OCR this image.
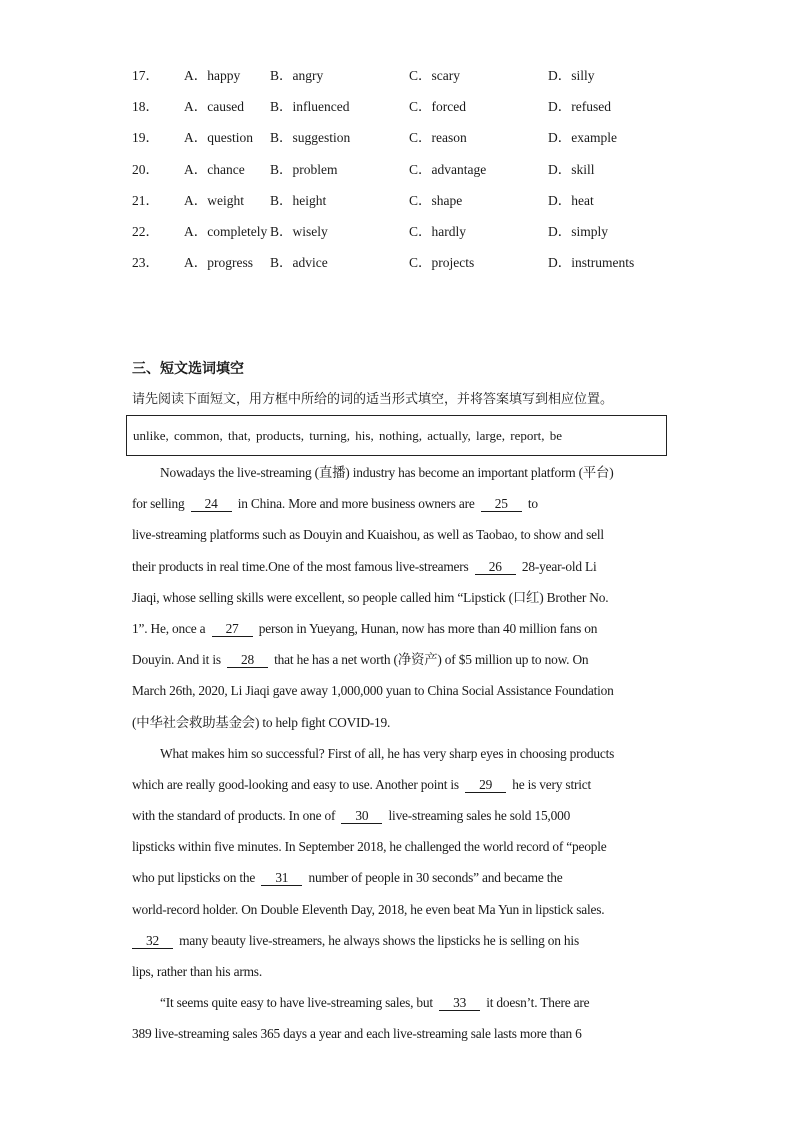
17． A．happy B．angry	C．scary	D．silly
18． A．caused B．influenced	C．forced	D．refused
19． A．question B．suggestion	C．reason	D．example
20． A．chance B．problem	C．advantage	D．skill
21． A．weight B．height	C．shape	D．heat
22． A．completely B．wisely	C．hardly	D．simply
23． A．progress B．advice	C．projects	D．instruments
三、短文选词填空
请先阅读下面短文，用方框中所给的词的适当形式填空，并将答案填写到相应位置。
unlike, common, that, products, turning, his, nothing, actually, large, report, be
Nowadays the live-streaming (直播) industry has become an important platform (平台)
for selling 24 in China. More and more business owners are 25 to
live-streaming platforms such as Douyin and Kuaishou, as well as Taobao, to show and sell
their products in real time.One of the most famous live-streamers 26 28-year-old Li
Jiaqi, whose selling skills were excellent, so people called him “Lipstick (口红) Brother No.
1”. He, once a 27 person in Yueyang, Hunan, now has more than 40 million fans on
Douyin. And it is 28 that he has a net worth (净资产) of $5 million up to now. On
March 26th, 2020, Li Jiaqi gave away 1,000,000 yuan to China Social Assistance Foundation
(中华社会救助基金会) to help fight COVID-19.
What makes him so successful? First of all, he has very sharp eyes in choosing products
which are really good-looking and easy to use. Another point is 29 he is very strict
with the standard of products. In one of 30 live-streaming sales he sold 15,000
lipsticks within five minutes. In September 2018, he challenged the world record of “people
who put lipsticks on the 31 number of people in 30 seconds” and became the
world-record holder. On Double Eleventh Day, 2018, he even beat Ma Yun in lipstick sales.
32 many beauty live-streamers, he always shows the lipsticks he is selling on his
lips, rather than his arms.
“It seems quite easy to have live-streaming sales, but 33 it doesn’t. There are
389 live-streaming sales 365 days a year and each live-streaming sale lasts more than 6
